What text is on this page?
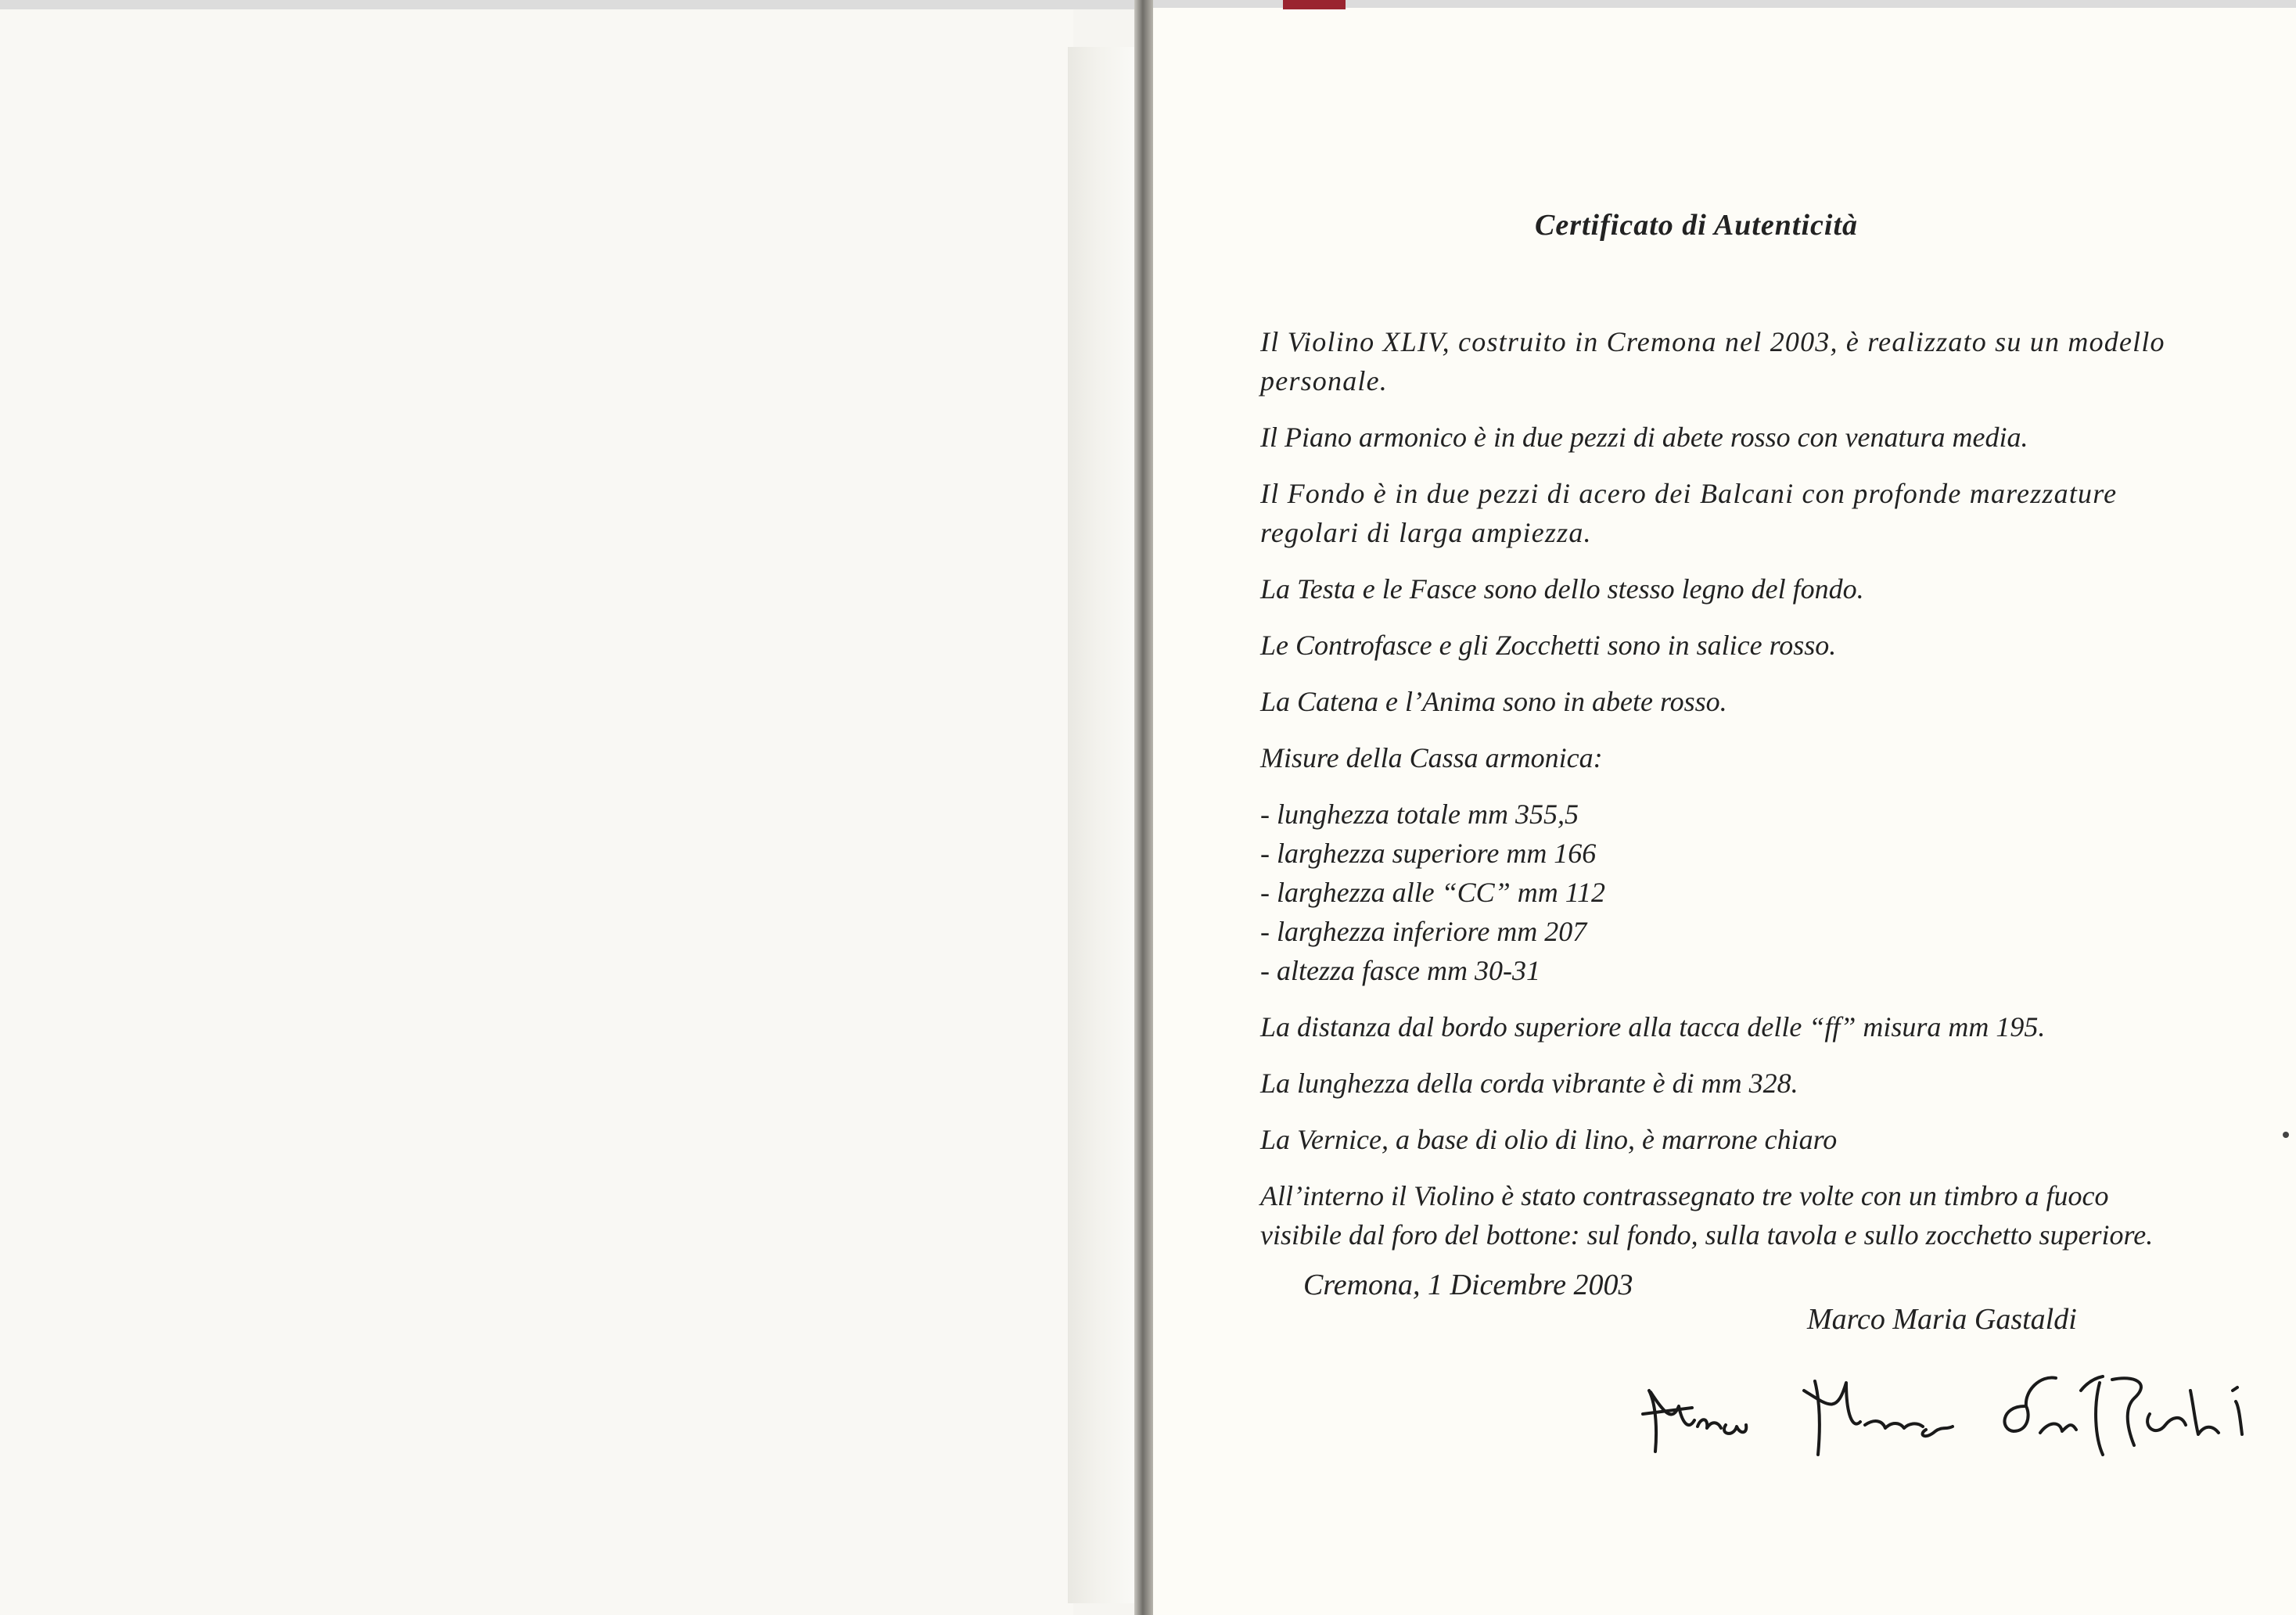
Certificato di Autenticità

Il Violino XLIV, costruito in Cremona nel 2003, è realizzato su un modello personale.

Il Piano armonico è in due pezzi di abete rosso con venatura media.

Il Fondo è in due pezzi di acero dei Balcani con profonde marezzature regolari di larga ampiezza.

La Testa e le Fasce sono dello stesso legno del fondo.

Le Controfasce e gli Zocchetti sono in salice rosso.

La Catena e l’Anima sono in abete rosso.

Misure della Cassa armonica:

- lunghezza totale mm 355,5
- larghezza superiore mm 166
- larghezza alle “CC” mm 112
- larghezza inferiore mm 207
- altezza fasce mm 30-31

La distanza dal bordo superiore alla tacca delle “ff” misura mm 195.

La lunghezza della corda vibrante è di mm 328.

La Vernice, a base di olio di lino, è marrone chiaro

All’interno il Violino è stato contrassegnato tre volte con un timbro a fuoco visibile dal foro del bottone: sul fondo, sulla tavola e sullo zocchetto superiore.

Cremona, 1 Dicembre 2003
Marco Maria Gastaldi
